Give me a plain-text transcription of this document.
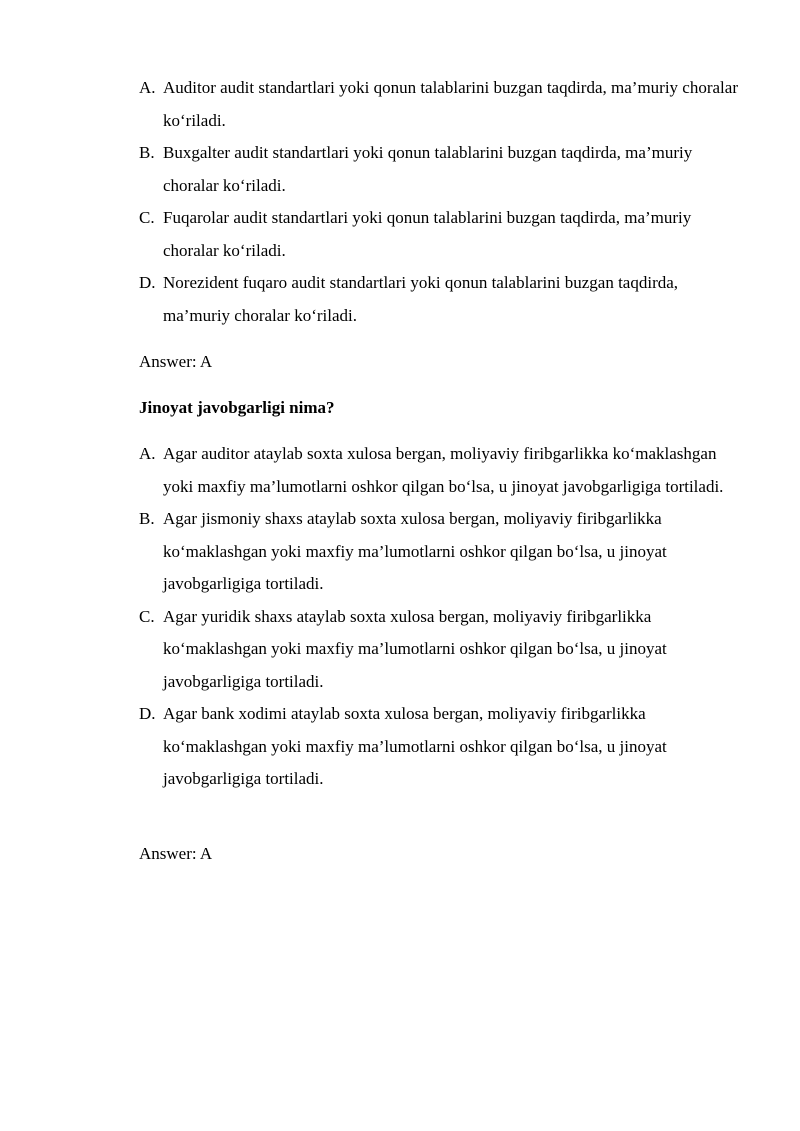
A. Auditor audit standartlari yoki qonun talablarini buzgan taqdirda, ma’muriy choralar ko‘riladi.
B. Buxgalter audit standartlari yoki qonun talablarini buzgan taqdirda, ma’muriy choralar ko‘riladi.
C. Fuqarolar audit standartlari yoki qonun talablarini buzgan taqdirda, ma’muriy choralar ko‘riladi.
D. Norezident fuqaro audit standartlari yoki qonun talablarini buzgan taqdirda, ma’muriy choralar ko‘riladi.
Answer: A
Jinoyat javobgarligi nima?
A. Agar auditor ataylab soxta xulosa bergan, moliyaviy firibgarlikka ko‘maklashgan yoki maxfiy ma’lumotlarni oshkor qilgan bo‘lsa, u jinoyat javobgarligiga tortiladi.
B. Agar jismoniy shaxs ataylab soxta xulosa bergan, moliyaviy firibgarlikka ko‘maklashgan yoki maxfiy ma’lumotlarni oshkor qilgan bo‘lsa, u jinoyat javobgarligiga tortiladi.
C. Agar yuridik shaxs ataylab soxta xulosa bergan, moliyaviy firibgarlikka ko‘maklashgan yoki maxfiy ma’lumotlarni oshkor qilgan bo‘lsa, u jinoyat javobgarligiga tortiladi.
D. Agar bank xodimi ataylab soxta xulosa bergan, moliyaviy firibgarlikka ko‘maklashgan yoki maxfiy ma’lumotlarni oshkor qilgan bo‘lsa, u jinoyat javobgarligiga tortiladi.
Answer: A
